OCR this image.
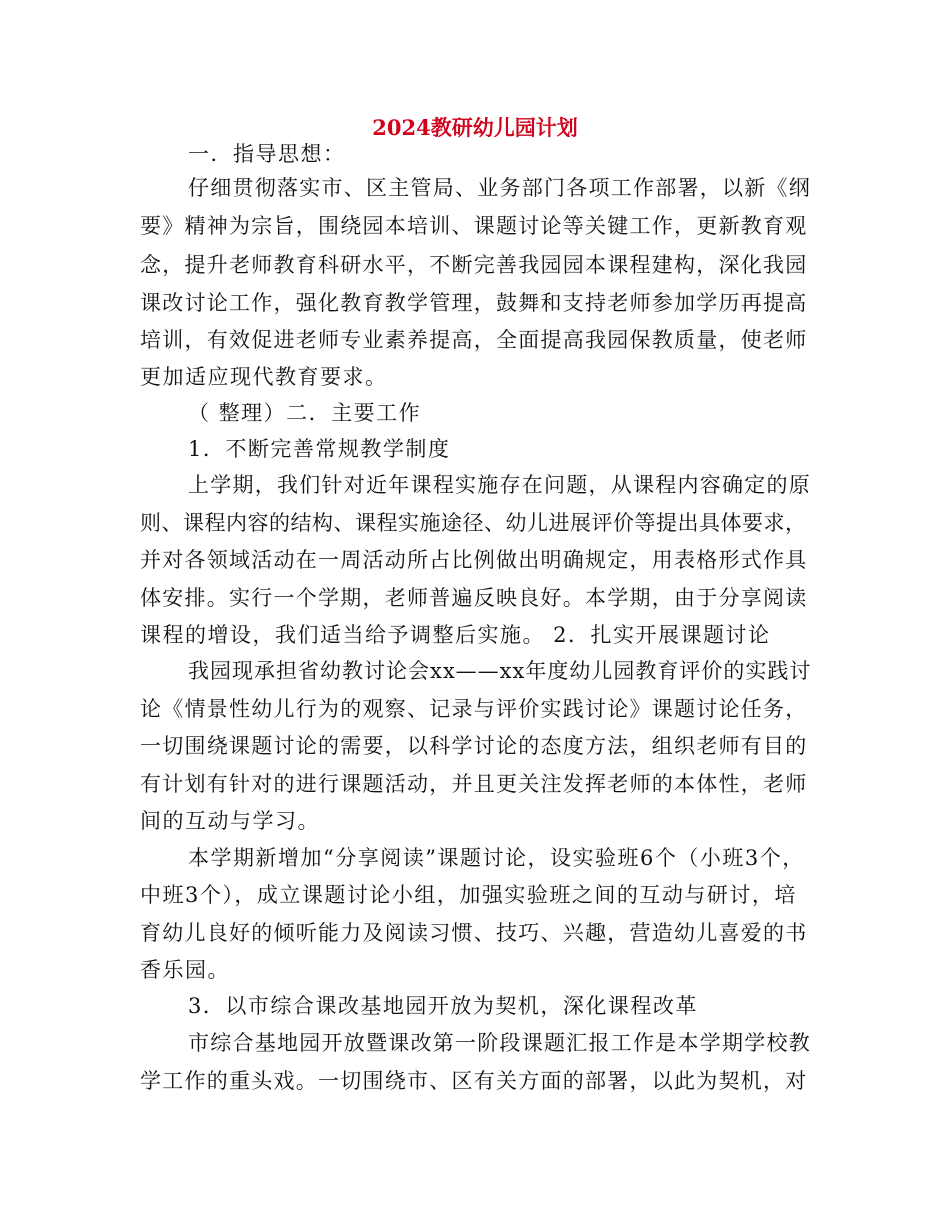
2024教研幼儿园计划
一．指导思想：
仔细贯彻落实市、区主管局、业务部门各项工作部署，以新《纲
要》精神为宗旨，围绕园本培训、课题讨论等关键工作，更新教育观
念，提升老师教育科研水平，不断完善我园园本课程建构，深化我园
课改讨论工作，强化教育教学管理，鼓舞和支持老师参加学历再提高
培训，有效促进老师专业素养提高，全面提高我园保教质量，使老师
更加适应现代教育要求。
（ 整理）二．主要工作
1．不断完善常规教学制度
上学期，我们针对近年课程实施存在问题，从课程内容确定的原
则、课程内容的结构、课程实施途径、幼儿进展评价等提出具体要求，
并对各领域活动在一周活动所占比例做出明确规定，用表格形式作具
体安排。实行一个学期，老师普遍反映良好。本学期，由于分享阅读
课程的增设，我们适当给予调整后实施。 2．扎实开展课题讨论
我园现承担省幼教讨论会xx——xx年度幼儿园教育评价的实践讨
论《情景性幼儿行为的观察、记录与评价实践讨论》课题讨论任务，
一切围绕课题讨论的需要，以科学讨论的态度方法，组织老师有目的
有计划有针对的进行课题活动，并且更关注发挥老师的本体性，老师
间的互动与学习。
本学期新增加“分享阅读”课题讨论，设实验班6个（小班3个，
中班3个），成立课题讨论小组，加强实验班之间的互动与研讨，培
育幼儿良好的倾听能力及阅读习惯、技巧、兴趣，营造幼儿喜爱的书
香乐园。
3．以市综合课改基地园开放为契机，深化课程改革
市综合基地园开放暨课改第一阶段课题汇报工作是本学期学校教
学工作的重头戏。一切围绕市、区有关方面的部署，以此为契机，对
